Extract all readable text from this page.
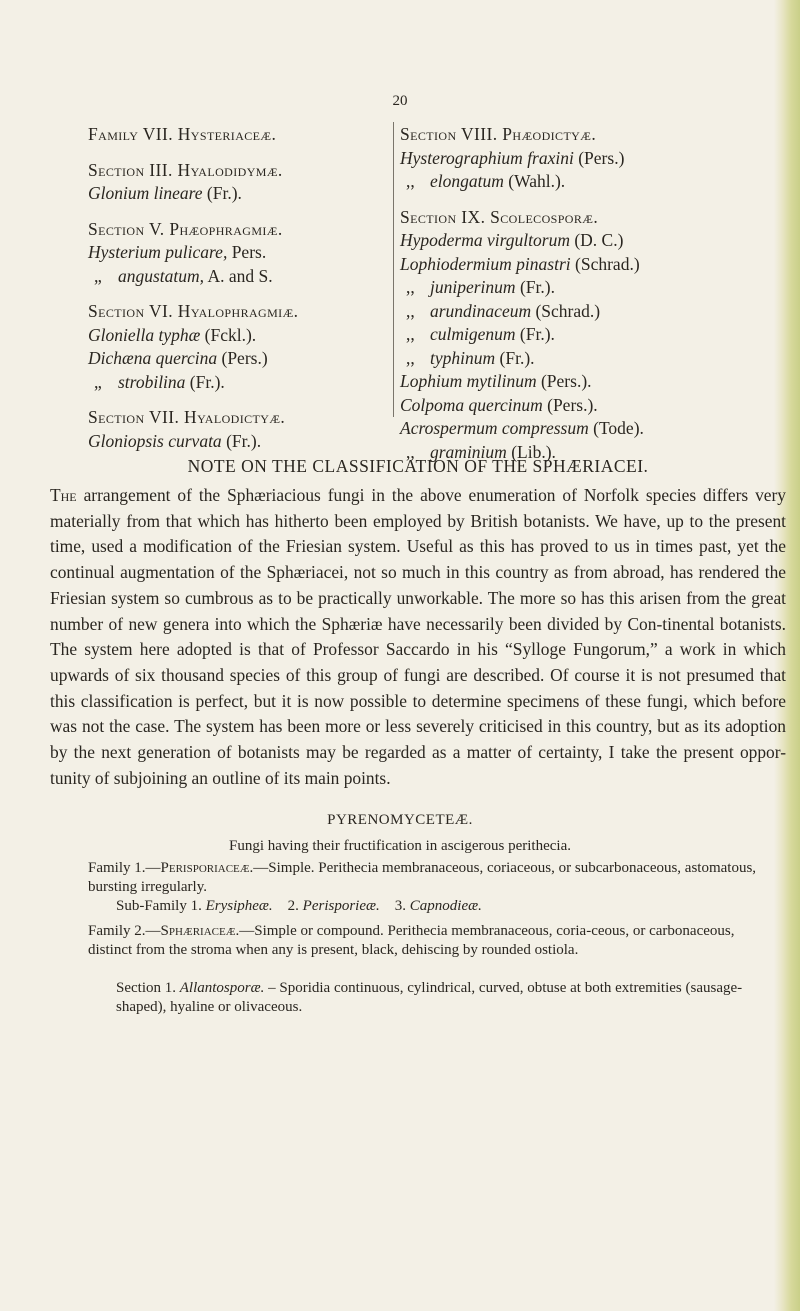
20
Family VII. Hysteriaceæ.
Section III. Hyalodidymæ.
Glonium lineare (Fr.).
Section V. Phæophragmiæ.
Hysterium pulicare, Pers.
„ angustatum, A. and S.
Section VI. Hyalophragmiæ.
Gloniella typhæ (Fckl.).
Dichæna quercina (Pers.)
„ strobilina (Fr.).
Section VII. Hyalodictyæ.
Gloniopsis curvata (Fr.).
Section VIII. Phæodictyæ.
Hysterographium fraxini (Pers.)
,, elongatum (Wahl.).
Section IX. Scolecosporæ.
Hypoderma virgultorum (D. C.)
Lophiodermium pinastri (Schrad.)
,, juniperinum (Fr.).
,, arundinaceum (Schrad.)
,, culmigenum (Fr.).
,, typhinum (Fr.).
Lophium mytilinum (Pers.).
Colpoma quercinum (Pers.).
Acrospermum compressum (Tode).
,, graminium (Lib.).
NOTE ON THE CLASSIFICATION OF THE SPHÆRIACEI.
The arrangement of the Sphæriacious fungi in the above enumeration of Norfolk species differs very materially from that which has hitherto been employed by British botanists. We have, up to the present time, used a modification of the Friesian system. Useful as this has proved to us in times past, yet the continual augmentation of the Sphæriacei, not so much in this country as from abroad, has rendered the Friesian system so cumbrous as to be practically unworkable. The more so has this arisen from the great number of new genera into which the Sphæriæ have necessarily been divided by Con-tinental botanists. The system here adopted is that of Professor Saccardo in his “Sylloge Fungorum,” a work in which upwards of six thousand species of this group of fungi are described. Of course it is not presumed that this classification is perfect, but it is now possible to determine specimens of these fungi, which before was not the case. The system has been more or less severely criticised in this country, but as its adoption by the next generation of botanists may be regarded as a matter of certainty, I take the present oppor-tunity of subjoining an outline of its main points.
PYRENOMYCETEÆ.
Fungi having their fructification in ascigerous perithecia.
Family 1.—Perisporiaceæ.—Simple. Perithecia membranaceous, coriaceous, or subcarbonaceous, astomatous, bursting irregularly.
Sub-Family 1. Erysipheæ. 2. Perisporieæ. 3. Capnodieæ.
Family 2.—Sphæriaceæ.—Simple or compound. Perithecia membranaceous, coria-ceous, or carbonaceous, distinct from the stroma when any is present, black, dehiscing by rounded ostiola.
Section 1. Allantosporæ. – Sporidia continuous, cylindrical, curved, obtuse at both extremities (sausage-shaped), hyaline or olivaceous.
